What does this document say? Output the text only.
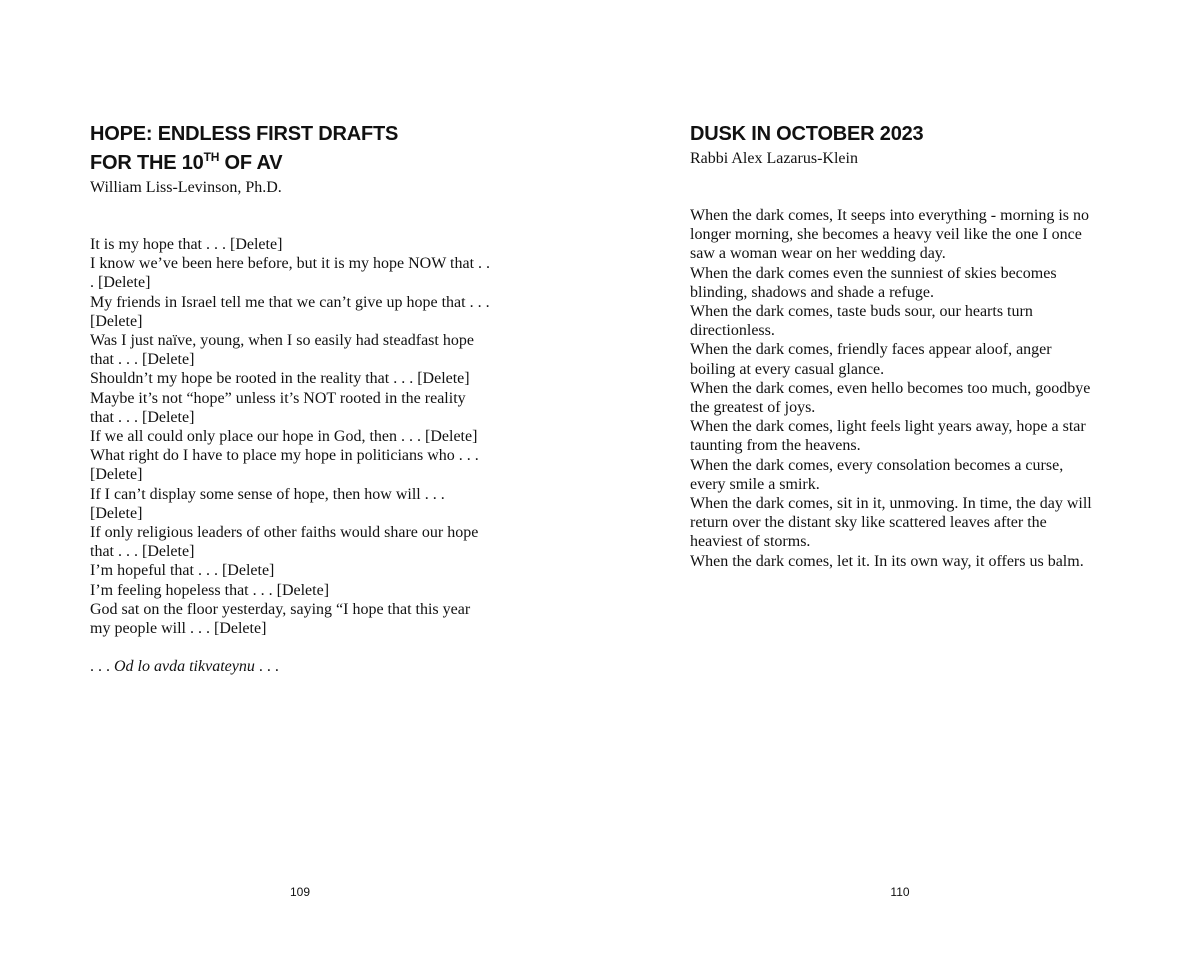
HOPE: ENDLESS FIRST DRAFTS
FOR THE 10TH OF AV
William Liss-Levinson, Ph.D.
It is my hope that . . . [Delete]
I know we’ve been here before, but it is my hope NOW that . .
. [Delete]
My friends in Israel tell me that we can’t give up hope that . . .
[Delete]
Was I just naïve, young, when I so easily had steadfast hope
that . . . [Delete]
Shouldn’t my hope be rooted in the reality that . . . [Delete]
Maybe it’s not “hope” unless it’s NOT rooted in the reality
that . . . [Delete]
If we all could only place our hope in God, then . . . [Delete]
What right do I have to place my hope in politicians who . . .
[Delete]
If I can’t display some sense of hope, then how will . . .
[Delete]
If only religious leaders of other faiths would share our hope
that . . . [Delete]
I’m hopeful that . . . [Delete]
I’m feeling hopeless that . . . [Delete]
God sat on the floor yesterday, saying “I hope that this year
my people will . . . [Delete]
. . . Od lo avda tikvateynu . . .
109
DUSK IN OCTOBER 2023
Rabbi Alex Lazarus-Klein
When the dark comes, It seeps into everything - morning is no
longer morning, she becomes a heavy veil like the one I once
saw a woman wear on her wedding day.
When the dark comes even the sunniest of skies becomes
blinding, shadows and shade a refuge.
When the dark comes, taste buds sour, our hearts turn
directionless.
When the dark comes, friendly faces appear aloof, anger
boiling at every casual glance.
When the dark comes, even hello becomes too much, goodbye
the greatest of joys.
When the dark comes, light feels light years away, hope a star
taunting from the heavens.
When the dark comes, every consolation becomes a curse,
every smile a smirk.
When the dark comes, sit in it, unmoving. In time, the day will
return over the distant sky like scattered leaves after the
heaviest of storms.
When the dark comes, let it. In its own way, it offers us balm.
110
